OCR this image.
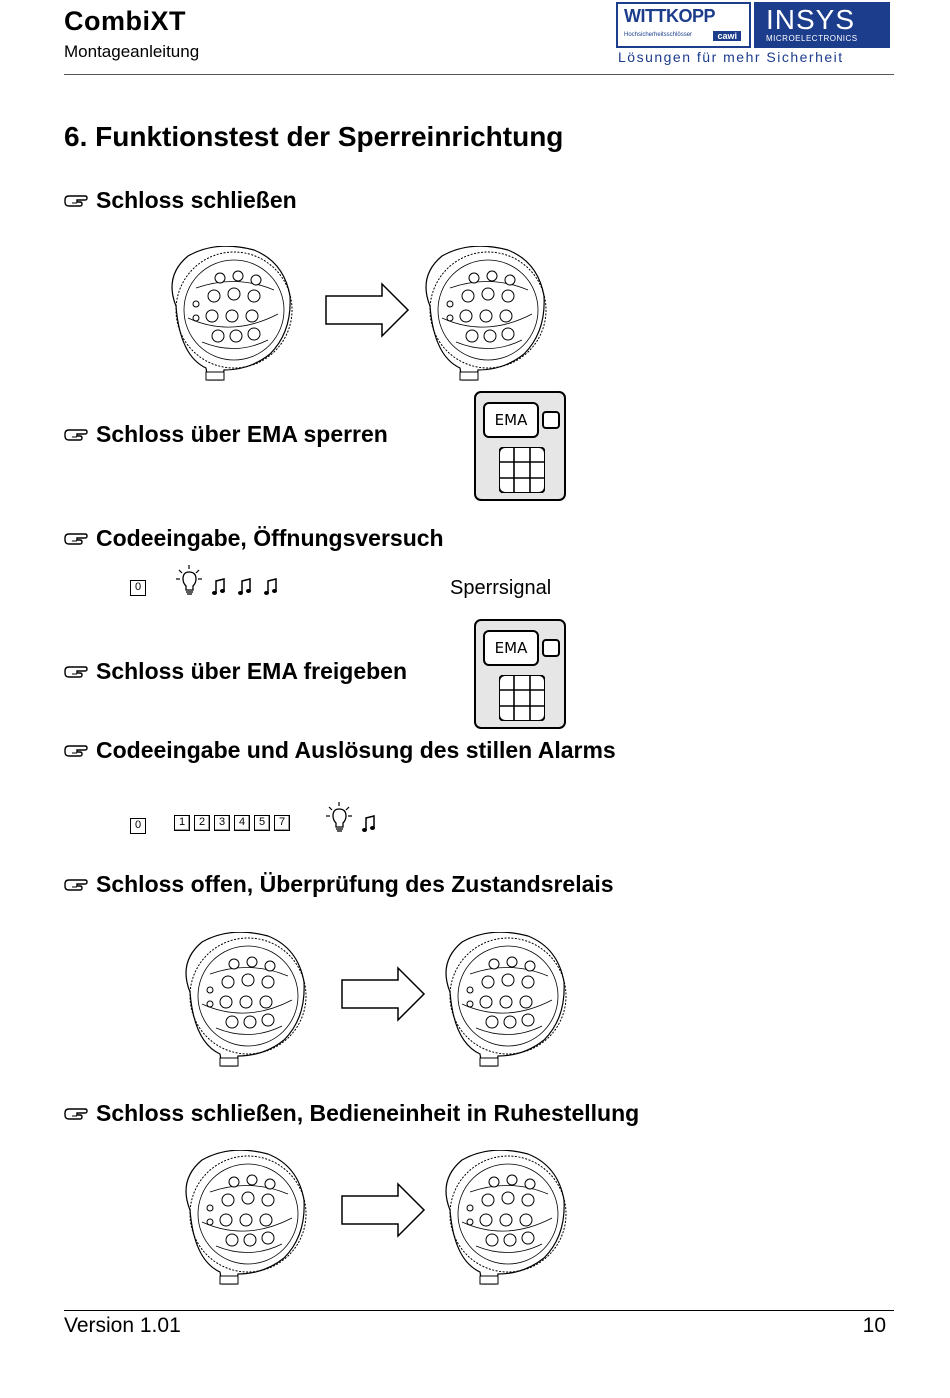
CombiXT
Montageanleitung
WITTKOPP
Hochsicherheitsschlösser	cawi
INSYS
MICROELECTRONICS
Lösungen für mehr Sicherheit
6. Funktionstest der Sperreinrichtung
Schloss schließen
Schloss über EMA sperren
EMA
Codeeingabe, Öffnungsversuch
0	Sperrsignal
Schloss über EMA freigeben
EMA
Codeeingabe und Auslösung des stillen Alarms
0	1	2	3	4	5	7
Schloss offen, Überprüfung des Zustandsrelais
Schloss schließen, Bedieneinheit in Ruhestellung
Version 1.01	10
